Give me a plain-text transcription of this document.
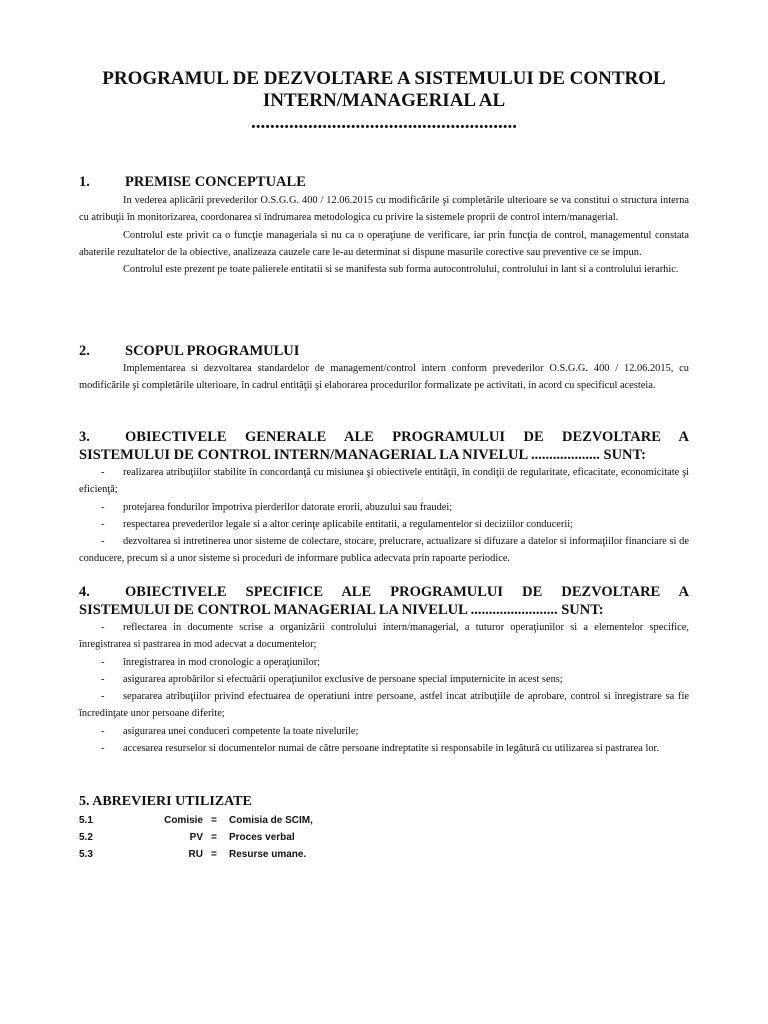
PROGRAMUL DE DEZVOLTARE A SISTEMULUI DE CONTROL
INTERN/MANAGERIAL AL
........................................................
1.	PREMISE CONCEPTUALE

In vederea aplicării prevederilor O.S.G.G. 400 / 12.06.2015 cu modificările şi completările ulterioare se va constitui o structura interna cu atribuţii în monitorizarea, coordonarea si îndrumarea metodologica cu privire la sistemele proprii de control intern/managerial.

Controlul este privit ca o funcţie manageriala si nu ca o operaţiune de verificare, iar prin funcţia de control, managementul constata abaterile rezultatelor de la obiective, analizeaza cauzele care le-au determinat si dispune masurile corective sau preventive ce se impun.

Controlul este prezent pe toate palierele entitatii si se manifesta sub forma autocontrolului, controlului in lant si a controlului ierarhic.

2.	SCOPUL PROGRAMULUI

Implementarea si dezvoltarea standardelor de management/control intern conform prevederilor O.S.G.G. 400 / 12.06.2015, cu modificările şi completările ulterioare, în cadrul entităţii şi elaborarea procedurilor formalizate pe activitati, in acord cu specificul acesteia.

3. OBIECTIVELE GENERALE ALE PROGRAMULUI DE DEZVOLTARE A SISTEMULUI DE CONTROL INTERN/MANAGERIAL LA NIVELUL ................... SUNT:
- realizarea atribuţiilor stabilite în concordanţă cu misiunea şi obiectivele entităţii, în condiţii de regularitate, eficacitate, economicitate şi eficienţă;
- protejarea fondurilor împotriva pierderilor datorate erorii, abuzului sau fraudei;
- respectarea prevederilor legale si a altor cerinţe aplicabile entitatii, a regulamentelor si deciziilor conducerii;
- dezvoltarea si intretinerea unor sisteme de colectare, stocare, prelucrare, actualizare si difuzare a datelor si informaţiilor financiare si de conducere, precum si a unor sisteme si proceduri de informare publica adecvata prin rapoarte periodice.
4. OBIECTIVELE SPECIFICE ALE PROGRAMULUI DE DEZVOLTARE A SISTEMULUI DE CONTROL MANAGERIAL LA NIVELUL ........................ SUNT:
- reflectarea in documente scrise a organizării controlului intern/managerial, a tuturor operaţiunilor si a elementelor specifice, înregistrarea si pastrarea in mod adecvat a documentelor;
- înregistrarea in mod cronologic a operaţiunilor;
- asigurarea aprobărilor si efectuării operaţiunilor exclusive de persoane special imputernicite in acest sens;
- separarea atribuţiilor privind efectuarea de operatiuni intre persoane, astfel incat atribuţiile de aprobare, control si înregistrare sa fie încredinţate unor persoane diferite;
- asigurarea unei conduceri competente la toate nivelurile;
- accesarea resurselor si documentelor numai de către persoane indreptatite si responsabile in legătură cu utilizarea si pastrarea lor.
5. ABREVIERI UTILIZATE
5.1	Comisie	=	Comisia de SCIM,
5.2	PV	=	Proces verbal
5.3	RU	=	Resurse umane.
